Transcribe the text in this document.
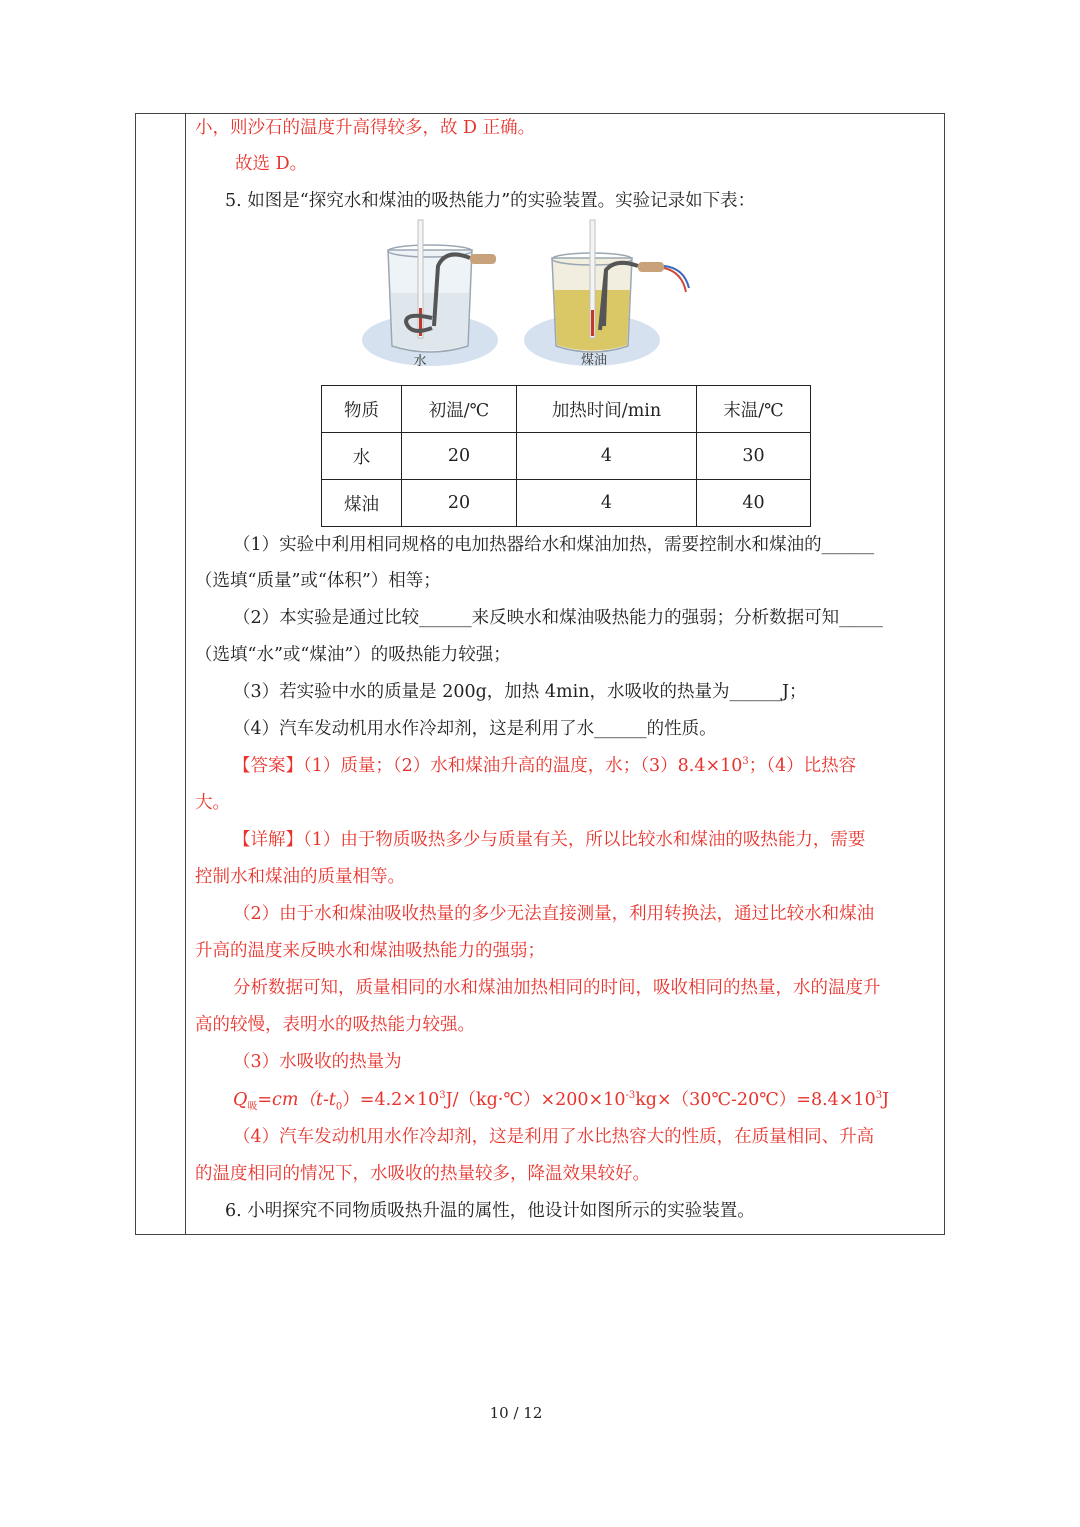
小，则沙石的温度升高得较多，故 D 正确。
故选 D。
5. 如图是“探究水和煤油的吸热能力”的实验装置。实验记录如下表：
水	煤油
物质	初温/℃	加热时间/min	末温/℃
水	20	4	30
煤油	20	4	40
（1）实验中利用相同规格的电加热器给水和煤油加热，需要控制水和煤油的______
（选填“质量”或“体积”）相等；
（2）本实验是通过比较______来反映水和煤油吸热能力的强弱；分析数据可知_____
（选填“水”或“煤油”）的吸热能力较强；
（3）若实验中水的质量是 200g，加热 4min，水吸收的热量为______J；
（4）汽车发动机用水作冷却剂，这是利用了水______的性质。
【答案】（1）质量；（2）水和煤油升高的温度，水；$(3)8.4\times 10^3$；（4）比热容
大。
【详解】（1）由于物质吸热多少与质量有关，所以比较水和煤油的吸热能力，需要
控制水和煤油的质量相等。
（2）由于水和煤油吸收热量的多少无法直接测量，利用转换法，通过比较水和煤油
升高的温度来反映水和煤油吸热能力的强弱；
分析数据可知，质量相同的水和煤油加热相同的时间，吸收相同的热量，水的温度升
高的较慢，表明水的吸热能力较强。
（3）水吸收的热量为
$Q_吸=cm(t-t_0)=4.2\times 10^3J/(kg\cdot℃)\times 200\times 10^{-3}kg\times(30℃-20℃)=8.4\times 10^3J$
（4）汽车发动机用水作冷却剂，这是利用了水比热容大的性质，在质量相同、升高
的温度相同的情况下，水吸收的热量较多，降温效果较好。
6. 小明探究不同物质吸热升温的属性，他设计如图所示的实验装置。
10 / 12
